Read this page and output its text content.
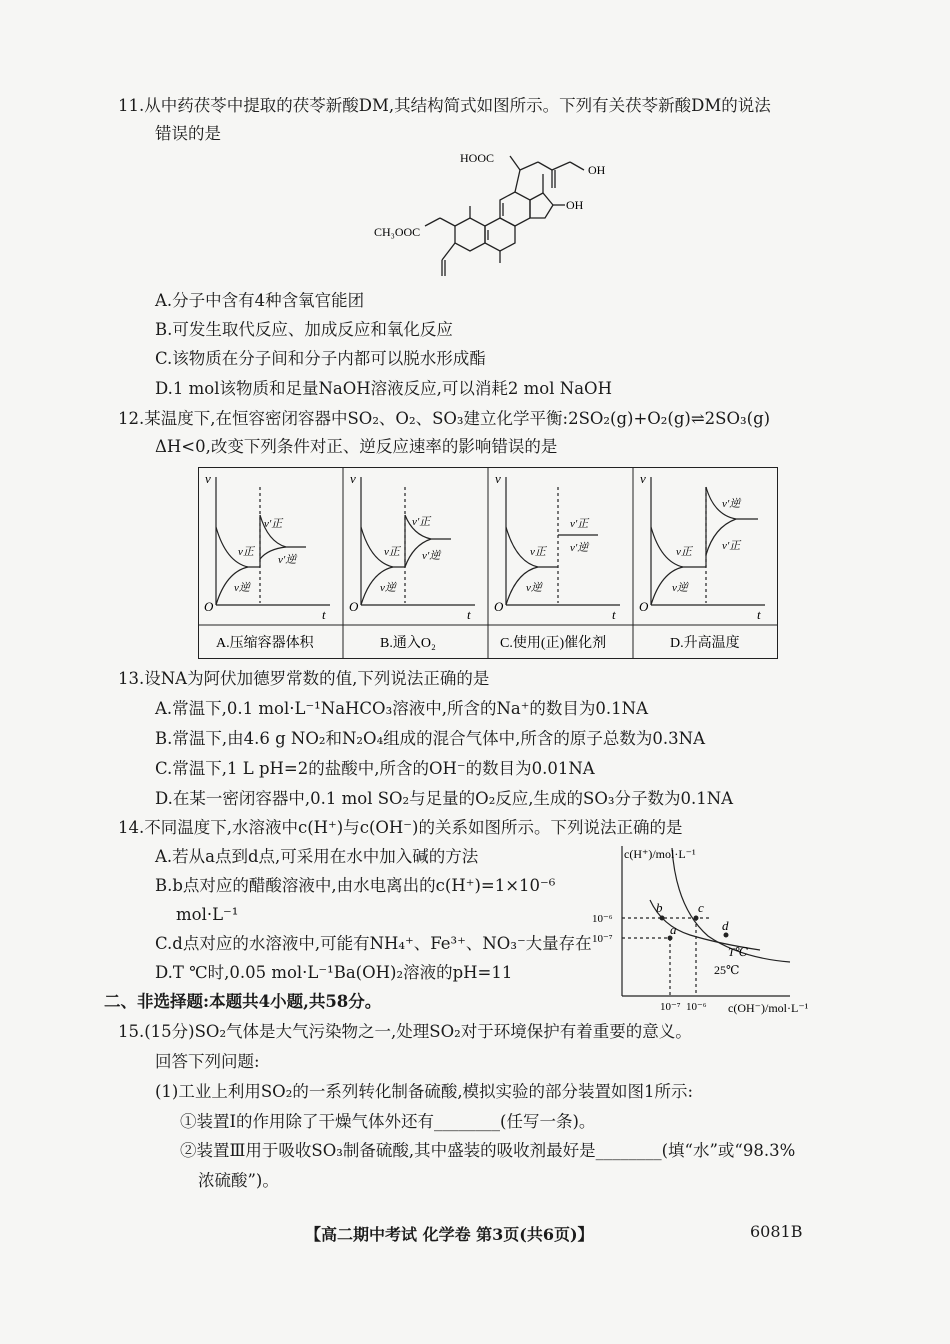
11.从中药茯苓中提取的茯苓新酸DM,其结构简式如图所示。下列有关茯苓新酸DM的说法
错误的是
HOOC
OH
OH
CH₃OOC
A.分子中含有4种含氧官能团
B.可发生取代反应、加成反应和氧化反应
C.该物质在分子间和分子内都可以脱水形成酯
D.1 mol该物质和足量NaOH溶液反应,可以消耗2 mol NaOH
12.某温度下,在恒容密闭容器中SO₂、O₂、SO₃建立化学平衡:2SO₂(g)+O₂(g)⇌2SO₃(g)
ΔH<0,改变下列条件对正、逆反应速率的影响错误的是
v
t
O
v正
v逆
v′正
v′逆
A.压缩容器体积
v
t
O
v正
v逆
v′正
v′逆
B.通入O₂
v
t
O
v正
v逆
v′正
v′逆
C.使用(正)催化剂
v
t
O
v正
v逆
v′逆
v′正
D.升高温度
13.设NA为阿伏加德罗常数的值,下列说法正确的是
A.常温下,0.1 mol·L⁻¹NaHCO₃溶液中,所含的Na⁺的数目为0.1NA
B.常温下,由4.6 g NO₂和N₂O₄组成的混合气体中,所含的原子总数为0.3NA
C.常温下,1 L pH=2的盐酸中,所含的OH⁻的数目为0.01NA
D.在某一密闭容器中,0.1 mol SO₂与足量的O₂反应,生成的SO₃分子数为0.1NA
14.不同温度下,水溶液中c(H⁺)与c(OH⁻)的关系如图所示。下列说法正确的是
A.若从a点到d点,可采用在水中加入碱的方法
B.b点对应的醋酸溶液中,由水电离出的c(H⁺)=1×10⁻⁶
mol·L⁻¹
C.d点对应的水溶液中,可能有NH₄⁺、Fe³⁺、NO₃⁻大量存在
D.T ℃时,0.05 mol·L⁻¹Ba(OH)₂溶液的pH=11
c(H⁺)/mol·L⁻¹
c(OH⁻)/mol·L⁻¹
10⁻⁶
10⁻⁷
10⁻⁷ 10⁻⁶
a
b	c
d
T℃
25℃
二、非选择题:本题共4小题,共58分。
15.(15分)SO₂气体是大气污染物之一,处理SO₂对于环境保护有着重要的意义。
回答下列问题:
(1)工业上利用SO₂的一系列转化制备硫酸,模拟实验的部分装置如图1所示:
①装置Ⅰ的作用除了干燥气体外还有________(任写一条)。
②装置Ⅲ用于吸收SO₃制备硫酸,其中盛装的吸收剂最好是________(填“水”或“98.3%
浓硫酸”)。
【高二期中考试 化学卷 第3页(共6页)】	6081B
